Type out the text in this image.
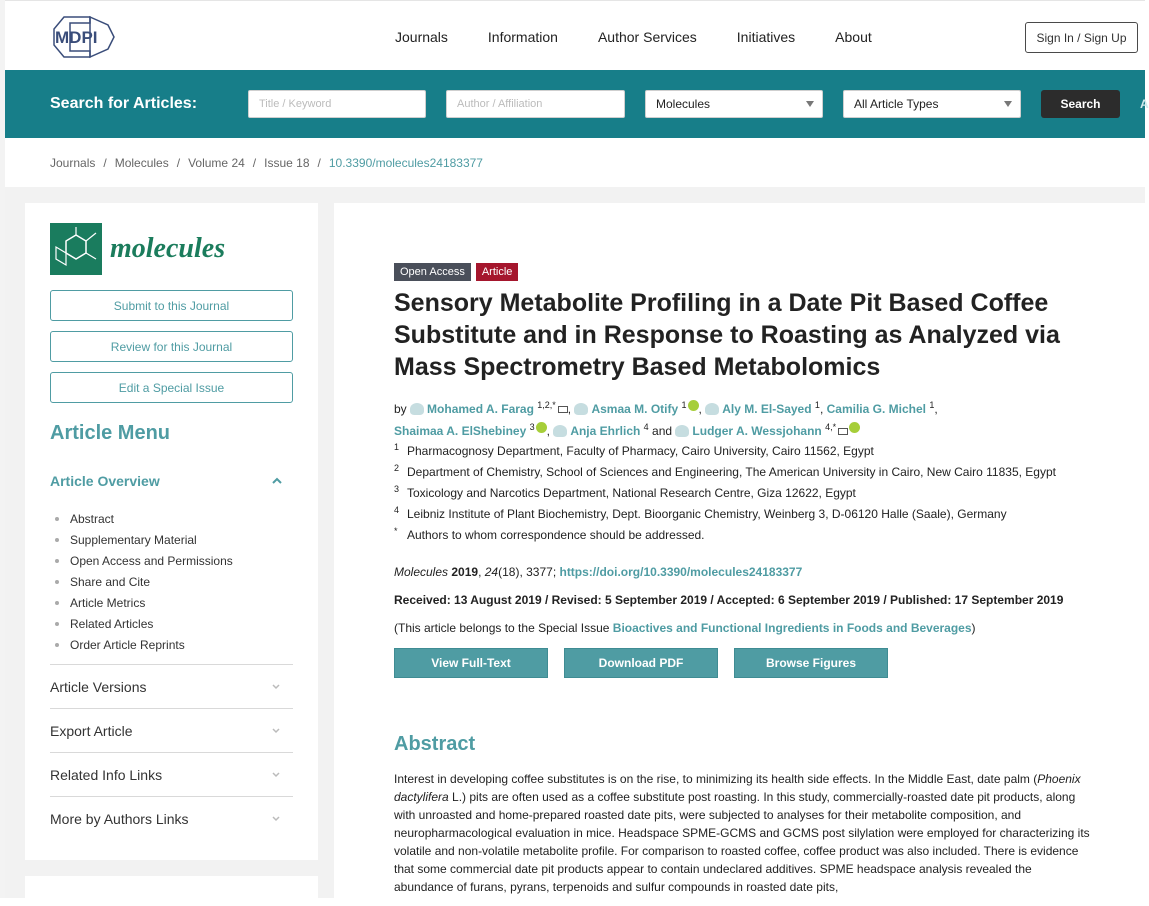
MDPI	Journals	Information	Author Services	Initiatives	About	Sign In / Sign Up
Search for Articles:	Title / Keyword	Author / Affiliation	Molecules	All Article Types	Search	A
Journals / Molecules / Volume 24 / Issue 18 / 10.3390/molecules24183377
molecules
Submit to this Journal
Review for this Journal
Edit a Special Issue
Article Menu
Article Overview
Abstract
Supplementary Material
Open Access and Permissions
Share and Cite
Article Metrics
Related Articles
Order Article Reprints
Article Versions
Export Article
Related Info Links
More by Authors Links
Open Access	Article
Sensory Metabolite Profiling in a Date Pit Based Coffee Substitute and in Response to Roasting as Analyzed via Mass Spectrometry Based Metabolomics
by Mohamed A. Farag $^{1,2,*}$ , Asmaa M. Otify $^1$ , Aly M. El-Sayed $^1$, Camilia G. Michel $^1$,
Shaimaa A. ElShebiney $^3$ , Anja Ehrlich $^4$ and Ludger A. Wessjohann $^{4,*}$
1 Pharmacognosy Department, Faculty of Pharmacy, Cairo University, Cairo 11562, Egypt
2 Department of Chemistry, School of Sciences and Engineering, The American University in Cairo, New Cairo 11835, Egypt
3 Toxicology and Narcotics Department, National Research Centre, Giza 12622, Egypt
4 Leibniz Institute of Plant Biochemistry, Dept. Bioorganic Chemistry, Weinberg 3, D-06120 Halle (Saale), Germany
* Authors to whom correspondence should be addressed.
Molecules 2019, 24(18), 3377; https://doi.org/10.3390/molecules24183377
Received: 13 August 2019 / Revised: 5 September 2019 / Accepted: 6 September 2019 / Published: 17 September 2019
(This article belongs to the Special Issue Bioactives and Functional Ingredients in Foods and Beverages)
View Full-Text	Download PDF	Browse Figures
Abstract

Interest in developing coffee substitutes is on the rise, to minimizing its health side effects. In the Middle East, date palm (Phoenix dactylifera L.) pits are often used as a coffee substitute post roasting. In this study, commercially-roasted date pit products, along with unroasted and home-prepared roasted date pits, were subjected to analyses for their metabolite composition, and neuropharmacological evaluation in mice. Headspace SPME-GCMS and GCMS post silylation were employed for characterizing its volatile and non-volatile metabolite profile. For comparison to roasted coffee, coffee product was also included. There is evidence that some commercial date pit products appear to contain undeclared additives. SPME headspace analysis revealed the abundance of furans, pyrans, terpenoids and sulfur compounds in roasted date pits,
